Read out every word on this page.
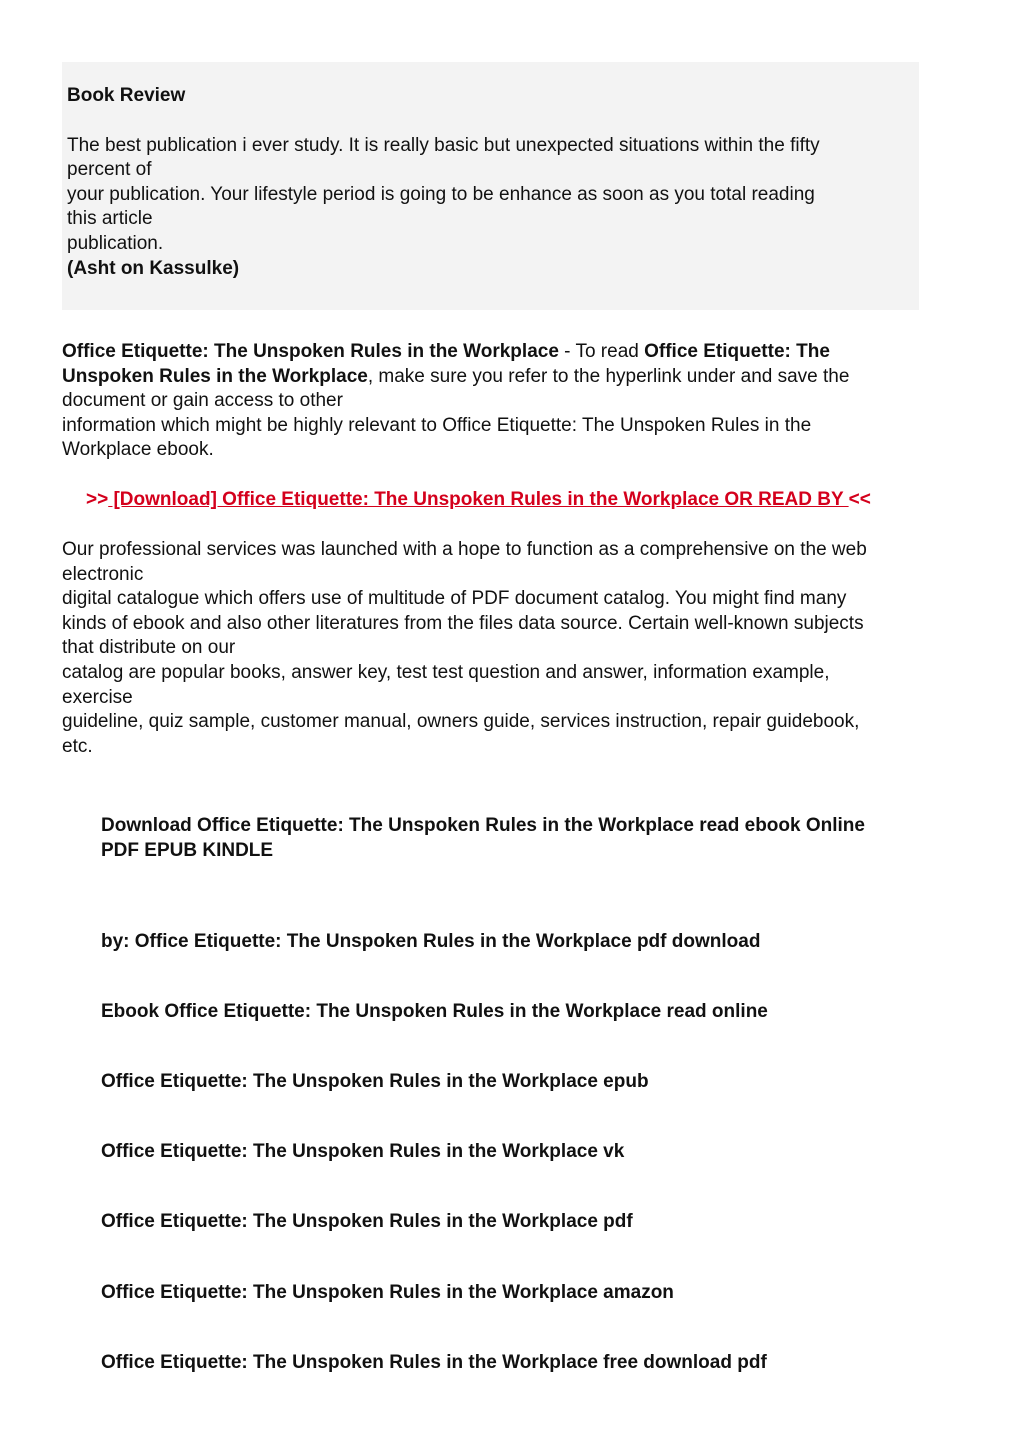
Book Review
The best publication i ever study. It is really basic but unexpected situations within the fifty
percent of
your publication. Your lifestyle period is going to be enhance as soon as you total reading
this article
publication.
(Asht on Kassulke)
Office Etiquette: The Unspoken Rules in the Workplace - To read Office Etiquette: The
Unspoken Rules in the Workplace, make sure you refer to the hyperlink under and save the
document or gain access to other
information which might be highly relevant to Office Etiquette: The Unspoken Rules in the
Workplace ebook.
>> [Download] Office Etiquette: The Unspoken Rules in the Workplace OR READ BY <<
Our professional services was launched with a hope to function as a comprehensive on the web
electronic
digital catalogue which offers use of multitude of PDF document catalog. You might find many
kinds of ebook and also other literatures from the files data source. Certain well-known subjects
that distribute on our
catalog are popular books, answer key, test test question and answer, information example,
exercise
guideline, quiz sample, customer manual, owners guide, services instruction, repair guidebook,
etc.
Download Office Etiquette: The Unspoken Rules in the Workplace read ebook Online
PDF EPUB KINDLE
by: Office Etiquette: The Unspoken Rules in the Workplace pdf download
Ebook Office Etiquette: The Unspoken Rules in the Workplace read online
Office Etiquette: The Unspoken Rules in the Workplace epub
Office Etiquette: The Unspoken Rules in the Workplace vk
Office Etiquette: The Unspoken Rules in the Workplace pdf
Office Etiquette: The Unspoken Rules in the Workplace amazon
Office Etiquette: The Unspoken Rules in the Workplace free download pdf
